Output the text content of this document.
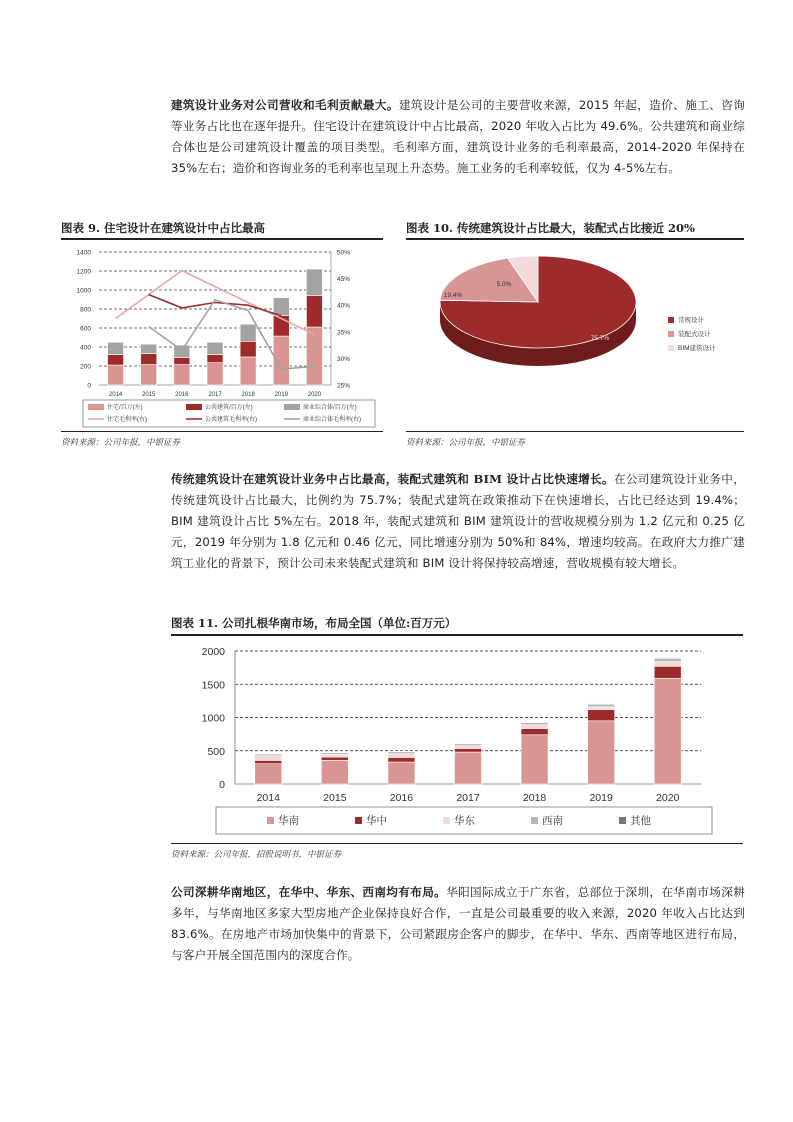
建筑设计业务对公司营收和毛利贡献最大。建筑设计是公司的主要营收来源，2015 年起，造价、施工、咨询等业务占比也在逐年提升。住宅设计在建筑设计中占比最高，2020 年收入占比为 49.6%。公共建筑和商业综合体也是公司建筑设计覆盖的项目类型。毛利率方面，建筑设计业务的毛利率最高，2014-2020 年保持在 35%左右；造价和咨询业务的毛利率也呈现上升态势。施工业务的毛利率较低，仅为 4-5%左右。
图表 9. 住宅设计在建筑设计中占比最高
0
200
400
600
800
1000
1200
1400
25%
30%
35%
40%
45%
50%
2014	2015	2016	2017	2018	2019	2020
住宅/百万(左)	公共建筑/百万(左)	商业综合体/百万(左)
住宅毛利率(右)	公共建筑毛利率(右)	商业综合体毛利率(右)
资料来源：公司年报，中银证券
图表 10. 传统建筑设计占比最大，装配式占比接近 20%
75.7%
19.4%
5.0%
常规设计
装配式设计
BIM建筑设计
资料来源：公司年报，中银证券
传统建筑设计在建筑设计业务中占比最高，装配式建筑和 BIM 设计占比快速增长。在公司建筑设计业务中，传统建筑设计占比最大，比例约为 75.7%；装配式建筑在政策推动下在快速增长，占比已经达到 19.4%；BIM 建筑设计占比 5%左右。2018 年，装配式建筑和 BIM 建筑设计的营收规模分别为 1.2 亿元和 0.25 亿元，2019 年分别为 1.8 亿元和 0.46 亿元，同比增速分别为 50%和 84%，增速均较高。在政府大力推广建筑工业化的背景下，预计公司未来装配式建筑和 BIM 设计将保持较高增速，营收规模有较大增长。
图表 11. 公司扎根华南市场，布局全国（单位:百万元）
0
500
1000
1500
2000
2014	2015	2016	2017	2018	2019	2020
华南	华中	华东	西南	其他
资料来源：公司年报，招股说明书，中银证券
公司深耕华南地区，在华中、华东、西南均有布局。华阳国际成立于广东省，总部位于深圳，在华南市场深耕多年，与华南地区多家大型房地产企业保持良好合作，一直是公司最重要的收入来源，2020 年收入占比达到 83.6%。在房地产市场加快集中的背景下，公司紧跟房企客户的脚步，在华中、华东、西南等地区进行布局，与客户开展全国范围内的深度合作。
